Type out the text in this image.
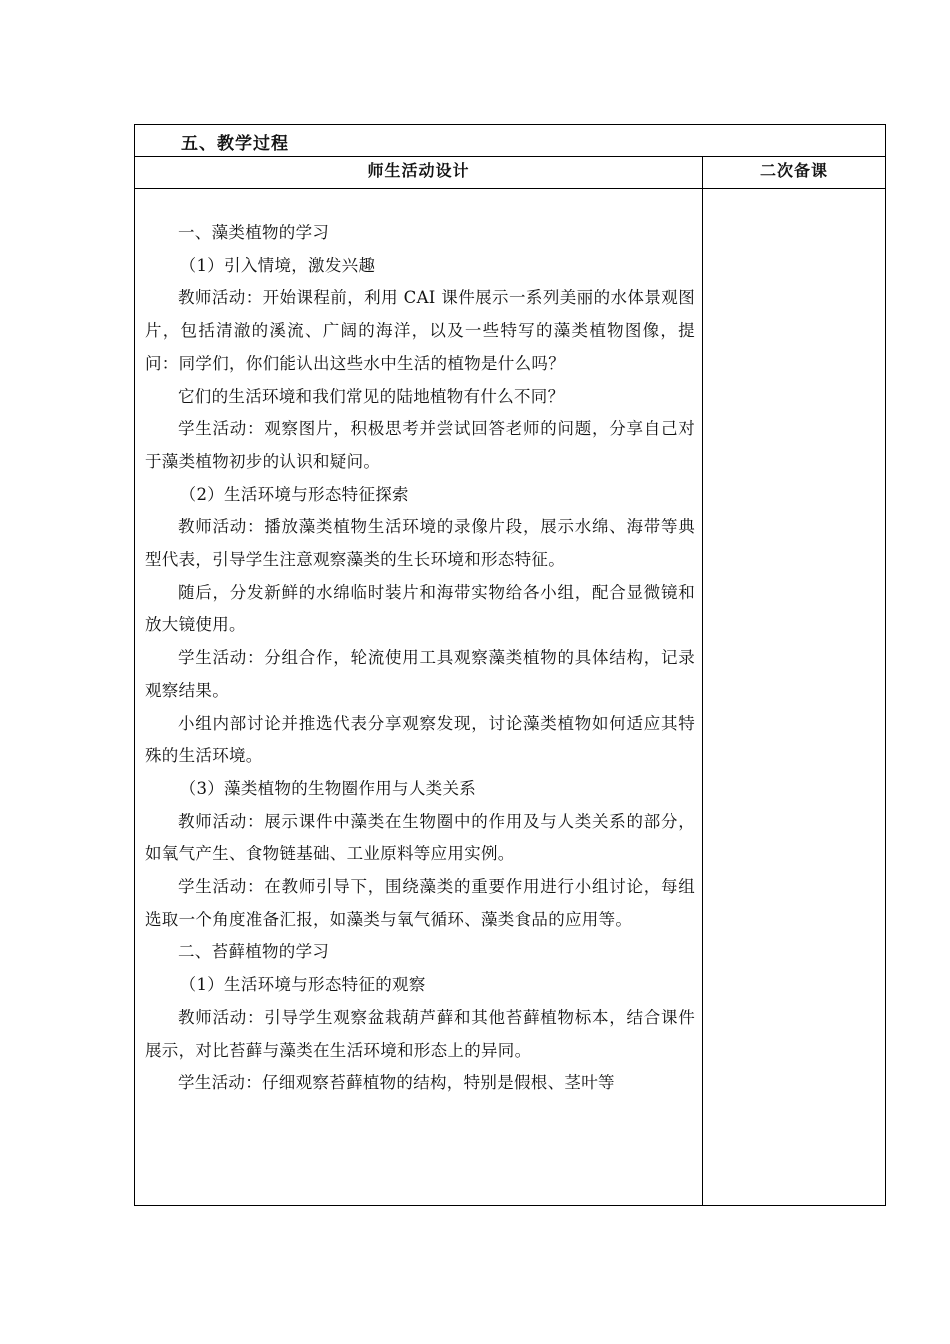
五、教学过程
师生活动设计	二次备课

一、藻类植物的学习

（1）引入情境，激发兴趣

教师活动：开始课程前，利用 CAI 课件展示一系列美丽的水体景观图片，包括清澈的溪流、广阔的海洋，以及一些特写的藻类植物图像，提问：同学们，你们能认出这些水中生活的植物是什么吗？

它们的生活环境和我们常见的陆地植物有什么不同？

学生活动：观察图片，积极思考并尝试回答老师的问题，分享自己对于藻类植物初步的认识和疑问。

（2）生活环境与形态特征探索

教师活动：播放藻类植物生活环境的录像片段，展示水绵、海带等典型代表，引导学生注意观察藻类的生长环境和形态特征。

随后，分发新鲜的水绵临时装片和海带实物给各小组，配合显微镜和放大镜使用。

学生活动：分组合作，轮流使用工具观察藻类植物的具体结构，记录观察结果。

小组内部讨论并推选代表分享观察发现，讨论藻类植物如何适应其特殊的生活环境。

（3）藻类植物的生物圈作用与人类关系

教师活动：展示课件中藻类在生物圈中的作用及与人类关系的部分，如氧气产生、食物链基础、工业原料等应用实例。

学生活动：在教师引导下，围绕藻类的重要作用进行小组讨论，每组选取一个角度准备汇报，如藻类与氧气循环、藻类食品的应用等。

二、苔藓植物的学习

（1）生活环境与形态特征的观察

教师活动：引导学生观察盆栽葫芦藓和其他苔藓植物标本，结合课件展示，对比苔藓与藻类在生活环境和形态上的异同。

学生活动：仔细观察苔藓植物的结构，特别是假根、茎叶等
